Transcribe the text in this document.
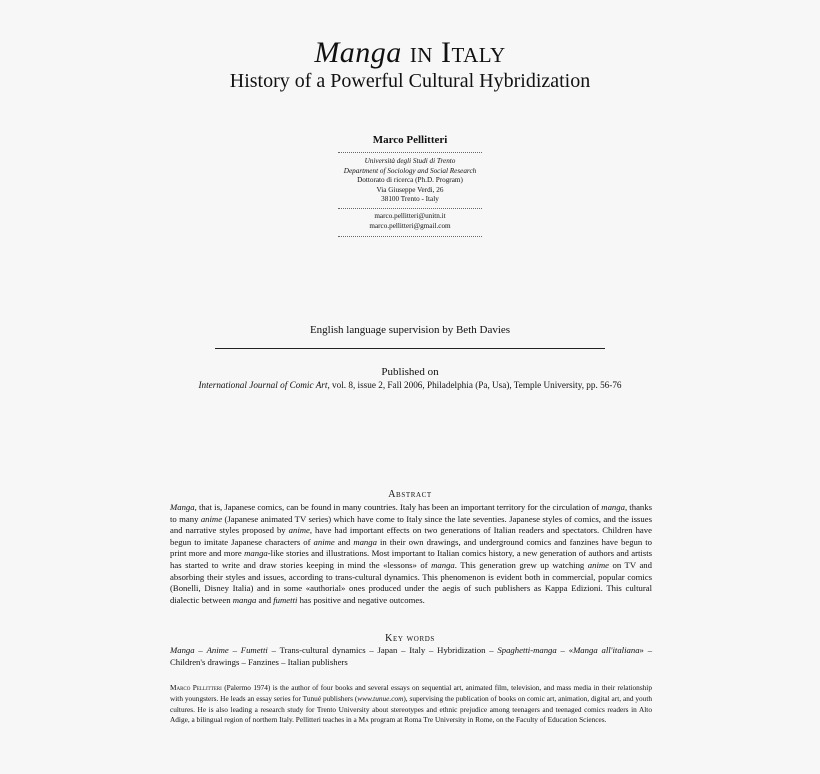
Manga in Italy
History of a Powerful Cultural Hybridization
Marco Pellitteri
Università degli Studi di Trento
Department of Sociology and Social Research
Dottorato di ricerca (Ph.D. Program)
Via Giuseppe Verdi, 26
38100 Trento - Italy
marco.pellitteri@unitn.it
marco.pellitteri@gmail.com
English language supervision by Beth Davies
Published on
International Journal of Comic Art, vol. 8, issue 2, Fall 2006, Philadelphia (Pa, Usa), Temple University, pp. 56-76
Abstract
Manga, that is, Japanese comics, can be found in many countries. Italy has been an important territory for the circulation of manga, thanks to many anime (Japanese animated TV series) which have come to Italy since the late seventies. Japanese styles of comics, and the issues and narrative styles proposed by anime, have had important effects on two generations of Italian readers and spectators. Children have begun to imitate Japanese characters of anime and manga in their own drawings, and underground comics and fanzines have begun to print more and more manga-like stories and illustrations. Most important to Italian comics history, a new generation of authors and artists has started to write and draw stories keeping in mind the «lessons» of manga. This generation grew up watching anime on TV and absorbing their styles and issues, according to trans-cultural dynamics. This phenomenon is evident both in commercial, popular comics (Bonelli, Disney Italia) and in some «authorial» ones produced under the aegis of such publishers as Kappa Edizioni. This cultural dialectic between manga and fumetti has positive and negative outcomes.
Key words
Manga – Anime – Fumetti – Trans-cultural dynamics – Japan – Italy – Hybridization – Spaghetti-manga – «Manga all'italiana» – Children's drawings – Fanzines – Italian publishers
Marco Pellitteri (Palermo 1974) is the author of four books and several essays on sequential art, animated film, television, and mass media in their relationship with youngsters. He leads an essay series for Tunué publishers (www.tunue.com), supervising the publication of books on comic art, animation, digital art, and youth cultures. He is also leading a research study for Trento University about stereotypes and ethnic prejudice among teenagers and teenaged comics readers in Alto Adige, a bilingual region of northern Italy. Pellitteri teaches in a Ma program at Roma Tre University in Rome, on the Faculty of Education Sciences.
